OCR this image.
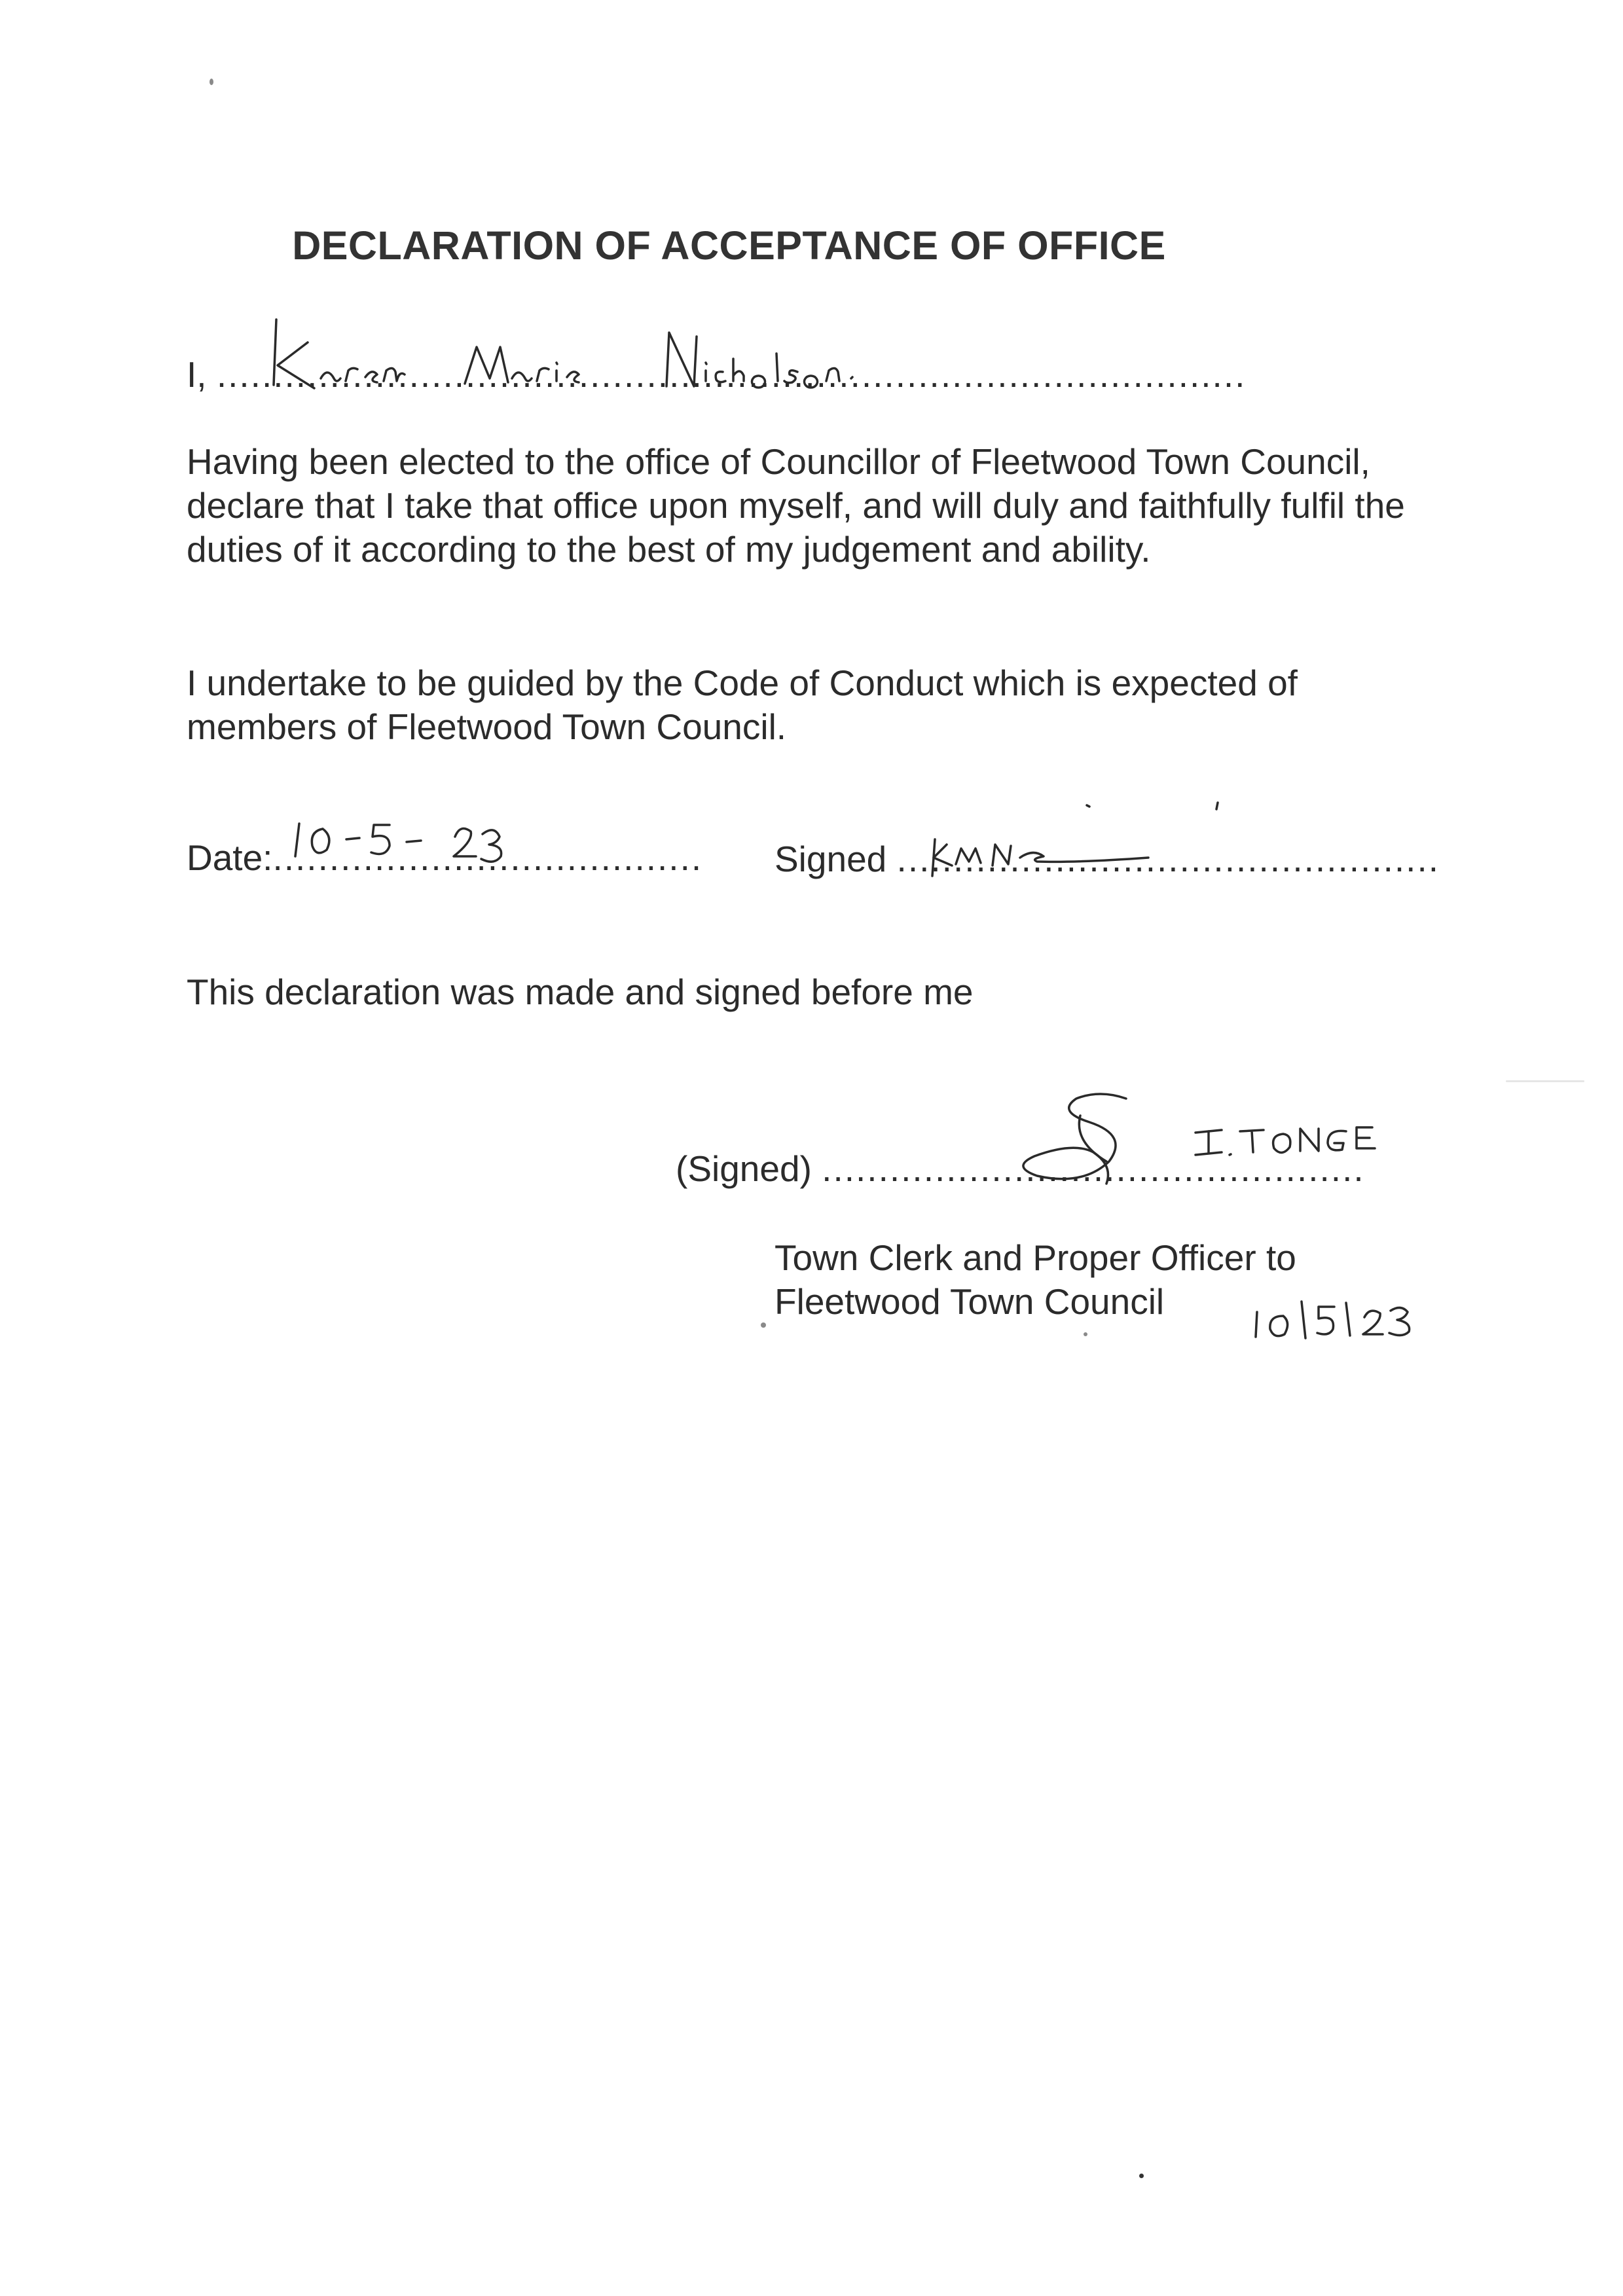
DECLARATION OF ACCEPTANCE OF OFFICE
I, ...........................................................................................
Having been elected to the office of Councillor of Fleetwood Town Council, declare that I take that office upon myself, and will duly and faithfully fulfil the duties of it according to the best of my judgement and ability.
I undertake to be guided by the Code of Conduct which is expected of members of Fleetwood Town Council.
Date:...................................... Signed ................................................
This declaration was made and signed before me
(Signed) ................................................
Town Clerk and Proper Officer to
Fleetwood Town Council
